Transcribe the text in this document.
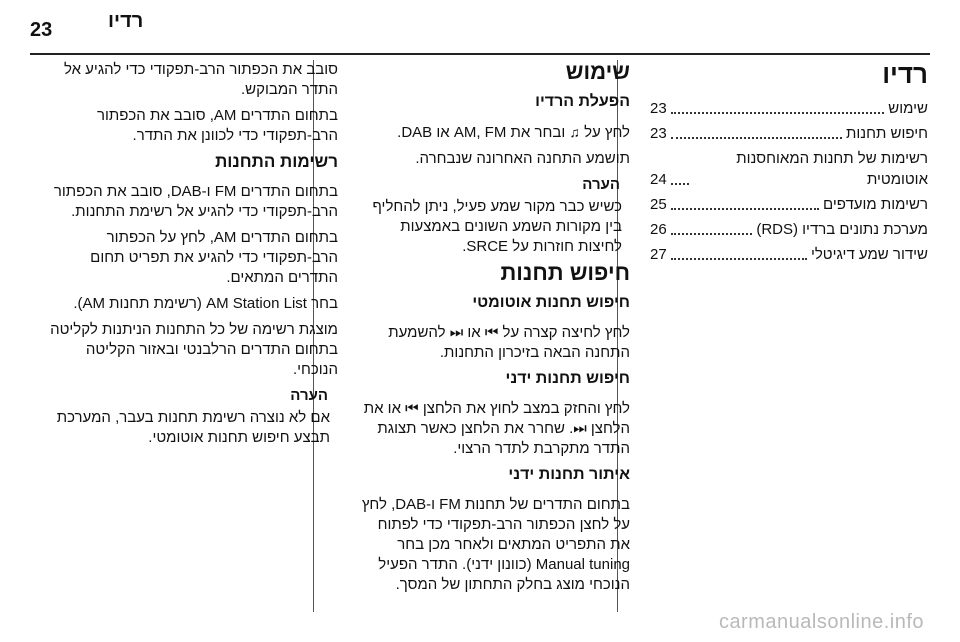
23	רדיו
רדיו
שימוש
23
חיפוש תחנות
23
רשימות של תחנות המאוחסנות אוטומטית
24
רשימות מועדפים
25
מערכת נתונים ברדיו (RDS)
26
שידור שמע דיגיטלי
27
שימוש
הפעלת הרדיו

לחץ על ♫ ובחר את AM, FM או DAB.

תושמע התחנה האחרונה שנבחרה.

הערה

כשיש כבר מקור שמע פעיל, ניתן להחליף בין מקורות השמע השונים באמצעות לחיצות חוזרות על SRCE.

חיפוש תחנות
חיפוש תחנות אוטומטי

לחץ לחיצה קצרה על ⏮ או ⏭ להשמעת התחנה הבאה בזיכרון התחנות.

חיפוש תחנות ידני

לחץ והחזק במצב לחוץ את הלחצן ⏮ או את הלחצן ⏭. שחרר את הלחצן כאשר תצוגת התדר מתקרבת לתדר הרצוי.

איתור תחנות ידני

בתחום התדרים של תחנות FM ו-DAB, לחץ על לחצן הכפתור הרב-תפקודי כדי לפתוח את התפריט המתאים ולאחר מכן בחר Manual tuning (כוונון ידני). התדר הפעיל הנוכחי מוצג בחלק התחתון של המסך.

סובב את הכפתור הרב-תפקודי כדי להגיע אל התדר המבוקש.

בתחום התדרים AM, סובב את הכפתור הרב-תפקודי כדי לכוונן את התדר.

רשימות התחנות

בתחום התדרים FM ו-DAB, סובב את הכפתור הרב-תפקודי כדי להגיע אל רשימת התחנות.

בתחום התדרים AM, לחץ על הכפתור הרב-תפקודי כדי להגיע את תפריט תחום התדרים המתאים.

בחר AM Station List (רשימת תחנות AM).

מוצגת רשימה של כל התחנות הניתנות לקליטה בתחום התדרים הרלבנטי ובאזור הקליטה הנוכחי.

הערה

אם לא נוצרה רשימת תחנות בעבר, המערכת תבצע חיפוש תחנות אוטומטי.

carmanualsonline.info
